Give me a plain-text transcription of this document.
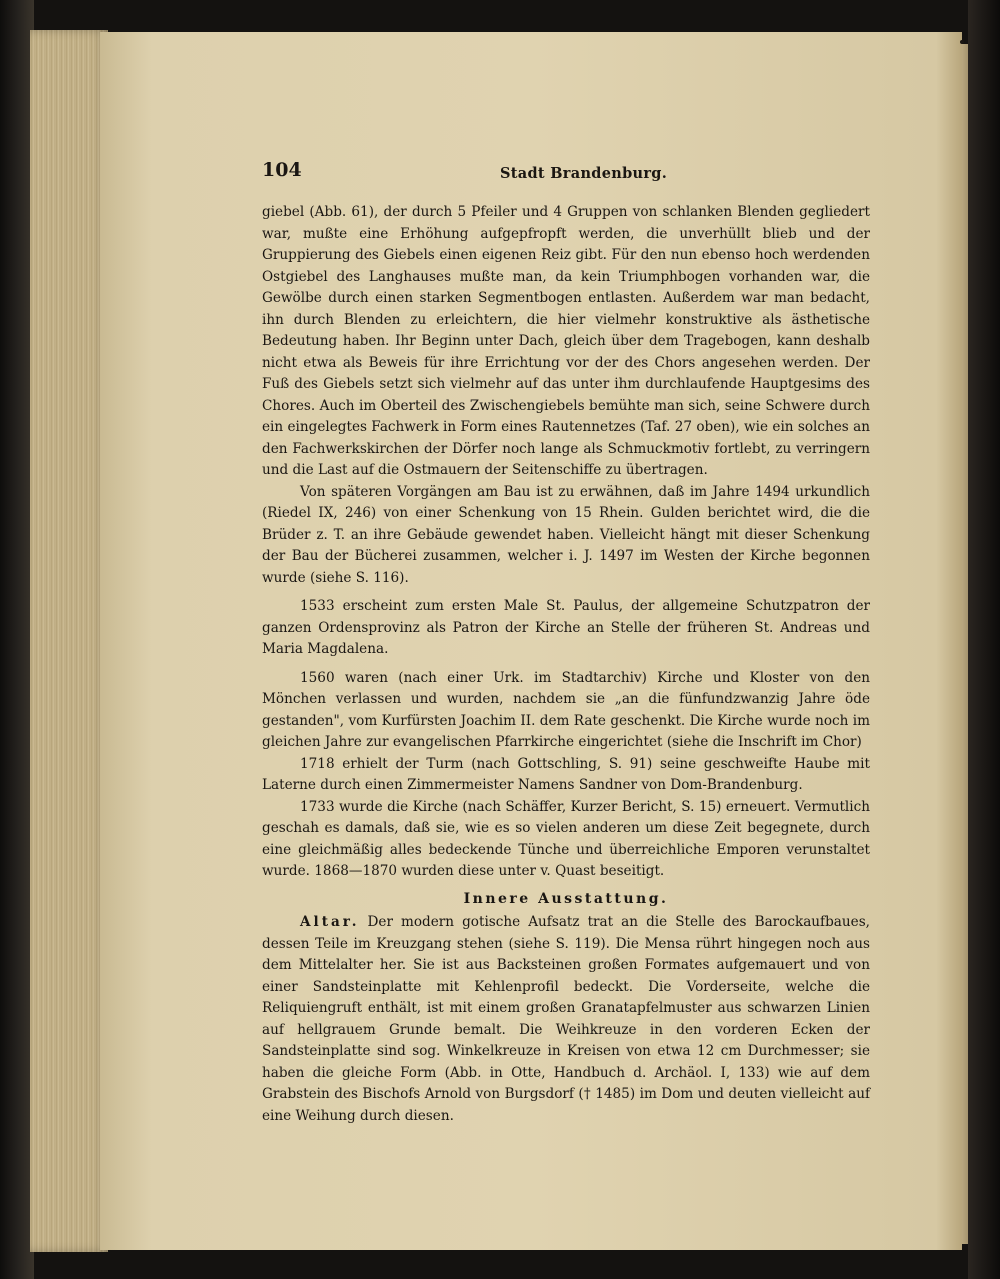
104	Stadt Brandenburg.

giebel (Abb. 61), der durch 5 Pfeiler und 4 Gruppen von schlanken Blenden gegliedert war, mußte eine Erhöhung aufgepfropft werden, die unverhüllt blieb und der Gruppierung des Giebels einen eigenen Reiz gibt. Für den nun ebenso hoch werdenden Ostgiebel des Langhauses mußte man, da kein Triumphbogen vorhanden war, die Gewölbe durch einen starken Segmentbogen entlasten. Außerdem war man bedacht, ihn durch Blenden zu erleichtern, die hier vielmehr konstruktive als ästhetische Bedeutung haben. Ihr Beginn unter Dach, gleich über dem Tragebogen, kann deshalb nicht etwa als Beweis für ihre Errichtung vor der des Chors angesehen werden. Der Fuß des Giebels setzt sich vielmehr auf das unter ihm durchlaufende Hauptgesims des Chores. Auch im Oberteil des Zwischengiebels bemühte man sich, seine Schwere durch ein eingelegtes Fachwerk in Form eines Rautennetzes (Taf. 27 oben), wie ein solches an den Fachwerkskirchen der Dörfer noch lange als Schmuckmotiv fortlebt, zu verringern und die Last auf die Ostmauern der Seitenschiffe zu übertragen.

Von späteren Vorgängen am Bau ist zu erwähnen, daß im Jahre 1494 urkundlich (Riedel IX, 246) von einer Schenkung von 15 Rhein. Gulden berichtet wird, die die Brüder z. T. an ihre Gebäude gewendet haben. Vielleicht hängt mit dieser Schenkung der Bau der Bücherei zusammen, welcher i. J. 1497 im Westen der Kirche begonnen wurde (siehe S. 116).

1533 erscheint zum ersten Male St. Paulus, der allgemeine Schutzpatron der ganzen Ordensprovinz als Patron der Kirche an Stelle der früheren St. Andreas und Maria Magdalena.

1560 waren (nach einer Urk. im Stadtarchiv) Kirche und Kloster von den Mönchen verlassen und wurden, nachdem sie „an die fünfundzwanzig Jahre öde gestanden", vom Kurfürsten Joachim II. dem Rate geschenkt. Die Kirche wurde noch im gleichen Jahre zur evangelischen Pfarrkirche eingerichtet (siehe die Inschrift im Chor)

1718 erhielt der Turm (nach Gottschling, S. 91) seine geschweifte Haube mit Laterne durch einen Zimmermeister Namens Sandner von Dom-Brandenburg.

1733 wurde die Kirche (nach Schäffer, Kurzer Bericht, S. 15) erneuert. Vermutlich geschah es damals, daß sie, wie es so vielen anderen um diese Zeit begegnete, durch eine gleichmäßig alles bedeckende Tünche und überreichliche Emporen verunstaltet wurde. 1868—1870 wurden diese unter v. Quast beseitigt.

Innere Ausstattung.

Altar. Der modern gotische Aufsatz trat an die Stelle des Barockaufbaues, dessen Teile im Kreuzgang stehen (siehe S. 119). Die Mensa rührt hingegen noch aus dem Mittelalter her. Sie ist aus Backsteinen großen Formates aufgemauert und von einer Sandsteinplatte mit Kehlenprofil bedeckt. Die Vorderseite, welche die Reliquiengruft enthält, ist mit einem großen Granatapfelmuster aus schwarzen Linien auf hellgrauem Grunde bemalt. Die Weihkreuze in den vorderen Ecken der Sandsteinplatte sind sog. Winkelkreuze in Kreisen von etwa 12 cm Durchmesser; sie haben die gleiche Form (Abb. in Otte, Handbuch d. Archäol. I, 133) wie auf dem Grabstein des Bischofs Arnold von Burgsdorf († 1485) im Dom und deuten vielleicht auf eine Weihung durch diesen.
